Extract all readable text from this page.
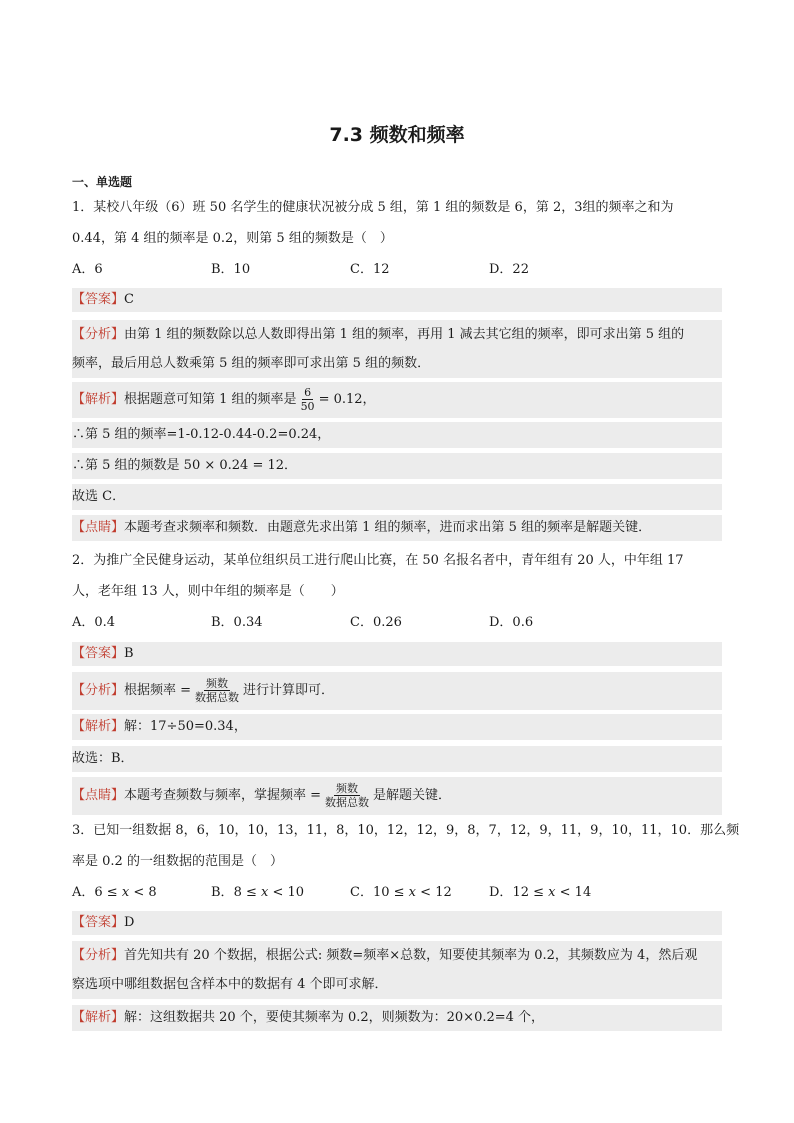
7.3 频数和频率
一、单选题
1．某校八年级（6）班 50 名学生的健康状况被分成 5 组，第 1 组的频数是 6，第 2，3组的频率之和为
0.44，第 4 组的频率是 0.2，则第 5 组的频数是（　）
A．6	B．10	C．12	D．22
【答案】C
【分析】由第 1 组的频数除以总人数即得出第 1 组的频率，再用 1 减去其它组的频率，即可求出第 5 组的
频率，最后用总人数乘第 5 组的频率即可求出第 5 组的频数．
【解析】根据题意可知第 1 组的频率是 $\frac{6}{50} = 0.12$，
∴第 5 组的频率=1-0.12-0.44-0.2=0.24，
∴第 5 组的频数是 50 × 0.24 = 12．
故选 C．
【点睛】本题考查求频率和频数．由题意先求出第 1 组的频率，进而求出第 5 组的频率是解题关键．
2．为推广全民健身运动，某单位组织员工进行爬山比赛，在 50 名报名者中，青年组有 20 人，中年组 17
人，老年组 13 人，则中年组的频率是（　　）
A．0.4	B．0.34	C．0.26	D．0.6
【答案】B
【分析】根据频率 = $\frac{\text{频数}}{\text{数据总数}}$ 进行计算即可．
【解析】解：17÷50=0.34，
故选：B．
【点睛】本题考查频数与频率，掌握频率 = $\frac{\text{频数}}{\text{数据总数}}$ 是解题关键．
3．已知一组数据 8，6，10，10，13，11，8，10，12，12，9，8，7，12，9，11，9，10，11，10．那么频
率是 0.2 的一组数据的范围是（　）
A．6 ≤ x < 8	B．8 ≤ x < 10	C．10 ≤ x < 12	D．12 ≤ x < 14
【答案】D
【分析】首先知共有 20 个数据，根据公式: 频数=频率×总数，知要使其频率为 0.2，其频数应为 4，然后观
察选项中哪组数据包含样本中的数据有 4 个即可求解．
【解析】解：这组数据共 20 个，要使其频率为 0.2，则频数为：20×0.2=4 个，
